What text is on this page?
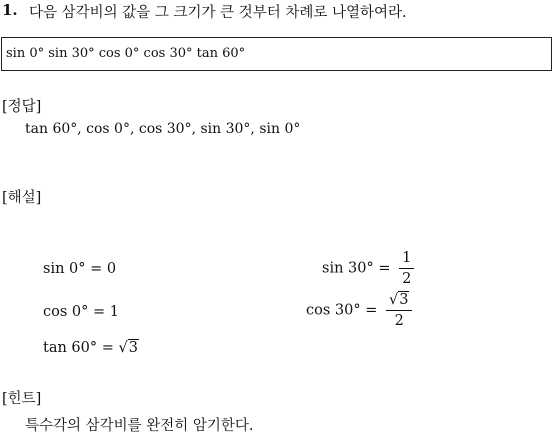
1. 다음 삼각비의 값을 그 크기가 큰 것부터 차례로 나열하여라.
sin 0° sin 30° cos 0° cos 30° tan 60°
[정답]
tan 60°, cos 0°, cos 30°, sin 30°, sin 0°
[해설]
sin 0° = 0	$\sin 30^\circ = \frac{1}{2}$
cos 0° = 1	$\cos 30^\circ = \frac{√3}{2}$
tan 60° = √3
[힌트]
특수각의 삼각비를 완전히 암기한다.
